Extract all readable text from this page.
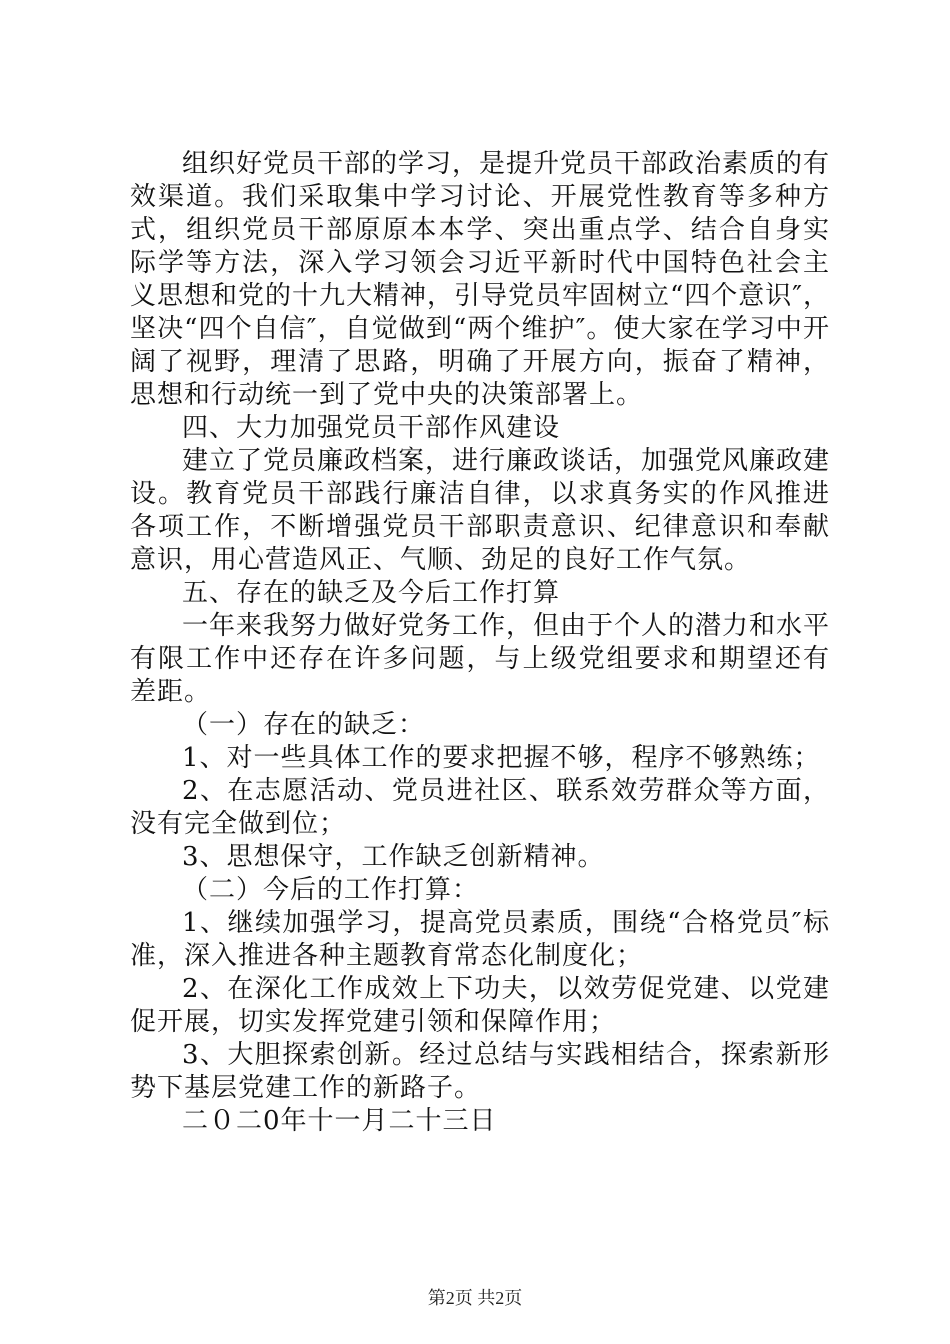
组织好党员干部的学习，是提升党员干部政治素质的有效渠道。我们采取集中学习讨论、开展党性教育等多种方式，组织党员干部原原本本学、突出重点学、结合自身实际学等方法，深入学习领会习近平新时代中国特色社会主义思想和党的十九大精神，引导党员牢固树立“四个意识″，坚决“四个自信″，自觉做到“两个维护″。使大家在学习中开阔了视野，理清了思路，明确了开展方向，振奋了精神，思想和行动统一到了党中央的决策部署上。

四、大力加强党员干部作风建设

建立了党员廉政档案，进行廉政谈话，加强党风廉政建设。教育党员干部践行廉洁自律，以求真务实的作风推进各项工作，不断增强党员干部职责意识、纪律意识和奉献意识，用心营造风正、气顺、劲足的良好工作气氛。

五、存在的缺乏及今后工作打算

一年来我努力做好党务工作，但由于个人的潜力和水平有限工作中还存在许多问题，与上级党组要求和期望还有差距。

（一）存在的缺乏：

1、对一些具体工作的要求把握不够，程序不够熟练；

2、在志愿活动、党员进社区、联系效劳群众等方面，没有完全做到位；

3、思想保守，工作缺乏创新精神。

（二）今后的工作打算：

1、继续加强学习，提高党员素质，围绕“合格党员″标准，深入推进各种主题教育常态化制度化；

2、在深化工作成效上下功夫，以效劳促党建、以党建促开展，切实发挥党建引领和保障作用；

3、大胆探索创新。经过总结与实践相结合，探索新形势下基层党建工作的新路子。

二０二0年十一月二十三日

第2页 共2页
